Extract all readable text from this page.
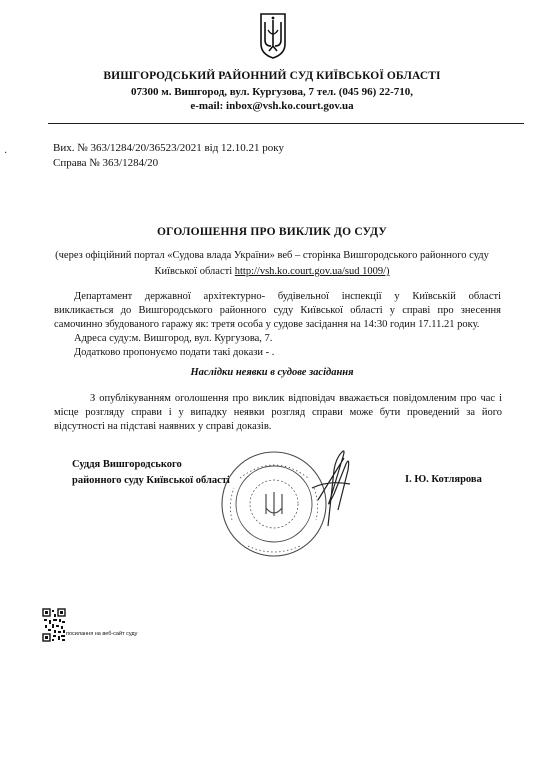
ВИШГОРОДСЬКИЙ РАЙОННИЙ СУД КИЇВСЬКОЇ ОБЛАСТІ
07300 м. Вишгород, вул. Кургузова, 7 тел. (045 96) 22-710,
e-mail: inbox@vsh.ko.court.gov.ua
·	Вих. № 363/1284/20/36523/2021 від 12.10.21 року
Справа № 363/1284/20
ОГОЛОШЕННЯ ПРО ВИКЛИК ДО СУДУ
(через офіційний портал «Судова влада України» веб – сторінка Вишгородського районного суду
Київської області http://vsh.ko.court.gov.ua/sud 1009/)
Департамент державної архітектурно- будівельної інспекції у Київській області
викликається до Вишгородського районного суду Київської області у справі про знесення
самочинно збудованого гаражу як: третя особа у судове засідання на 14:30 годин 17.11.21 року.
Адреса суду:м. Вишгород, вул. Кургузова, 7.
Додатково пропонуємо подати такі докази - .
Наслідки неявки в судове засідання
З опублікуванням оголошення про виклик відповідач вважається повідомленим про час і
місце розгляду справи і у випадку неявки розгляд справи може бути проведений за його
відсутності на підставі наявних у справі доказів.
Суддя Вишгородського
районного суду Київської області	І. Ю. Котлярова
посилання на веб-сайт суду
